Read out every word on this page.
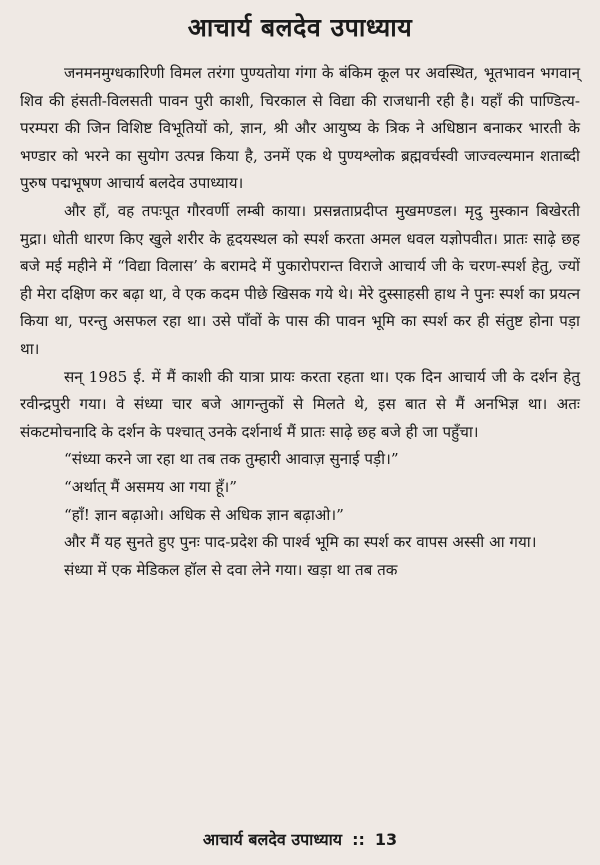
आचार्य बलदेव उपाध्याय

जनमनमुग्धकारिणी विमल तरंगा पुण्यतोया गंगा के बंकिम कूल पर अवस्थित, भूतभावन भगवान् शिव की हंसती-विलसती पावन पुरी काशी, चिरकाल से विद्या की राजधानी रही है। यहाँ की पाण्डित्य-परम्परा की जिन विशिष्ट विभूतियों को, ज्ञान, श्री और आयुष्य के त्रिक ने अधिष्ठान बनाकर भारती के भण्डार को भरने का सुयोग उत्पन्न किया है, उनमें एक थे पुण्यश्लोक ब्रह्मवर्चस्वी जाज्वल्यमान शताब्दी पुरुष पद्मभूषण आचार्य बलदेव उपाध्याय।

और हाँ, वह तपःपूत गौरवर्णी लम्बी काया। प्रसन्नताप्रदीप्त मुखमण्डल। मृदु मुस्कान बिखेरती मुद्रा। धोती धारण किए खुले शरीर के हृदयस्थल को स्पर्श करता अमल धवल यज्ञोपवीत। प्रातः साढ़े छह बजे मई महीने में “विद्या विलास’ के बरामदे में पुकारोपरान्त विराजे आचार्य जी के चरण-स्पर्श हेतु, ज्यों ही मेरा दक्षिण कर बढ़ा था, वे एक कदम पीछे खिसक गये थे। मेरे दुस्साहसी हाथ ने पुनः स्पर्श का प्रयत्न किया था, परन्तु असफल रहा था। उसे पाँवों के पास की पावन भूमि का स्पर्श कर ही संतुष्ट होना पड़ा था।

सन् 1985 ई. में मैं काशी की यात्रा प्रायः करता रहता था। एक दिन आचार्य जी के दर्शन हेतु रवीन्द्रपुरी गया। वे संध्या चार बजे आगन्तुकों से मिलते थे, इस बात से मैं अनभिज्ञ था। अतः संकटमोचनादि के दर्शन के पश्चात् उनके दर्शनार्थ मैं प्रातः साढ़े छह बजे ही जा पहुँचा।

“संध्या करने जा रहा था तब तक तुम्हारी आवाज़ सुनाई पड़ी।”

“अर्थात् मैं असमय आ गया हूँ।”

“हाँ! ज्ञान बढ़ाओ। अधिक से अधिक ज्ञान बढ़ाओ।”

और मैं यह सुनते हुए पुनः पाद-प्रदेश की पार्श्व भूमि का स्पर्श कर वापस अस्सी आ गया।

संध्या में एक मेडिकल हॉल से दवा लेने गया। खड़ा था तब तक

आचार्य बलदेव उपाध्याय :: 13
